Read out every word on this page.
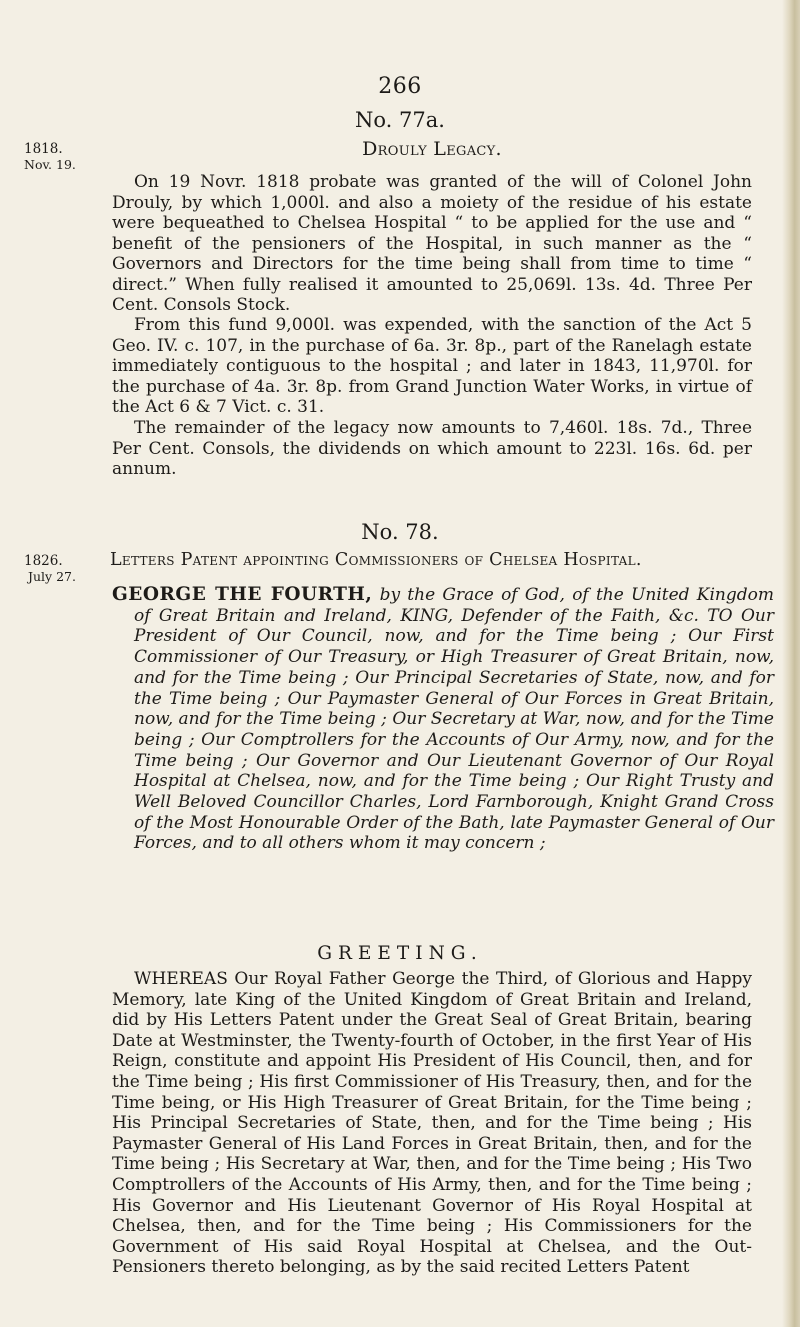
266
No. 77a.
1818.
Nov. 19.
Drouly Legacy.
On 19 Novr. 1818 probate was granted of the will of Colonel John Drouly, by which 1,000l. and also a moiety of the residue of his estate were bequeathed to Chelsea Hospital “ to be applied for the use and “ benefit of the pensioners of the Hospital, in such manner as the “ Governors and Directors for the time being shall from time to time “ direct.” When fully realised it amounted to 25,069l. 13s. 4d. Three Per Cent. Consols Stock.
From this fund 9,000l. was expended, with the sanction of the Act 5 Geo. IV. c. 107, in the purchase of 6a. 3r. 8p., part of the Ranelagh estate immediately contiguous to the hospital ; and later in 1843, 11,970l. for the purchase of 4a. 3r. 8p. from Grand Junction Water Works, in virtue of the Act 6 & 7 Vict. c. 31.
The remainder of the legacy now amounts to 7,460l. 18s. 7d., Three Per Cent. Consols, the dividends on which amount to 223l. 16s. 6d. per annum.
No. 78.
1826.
July 27.
Letters Patent appointing Commissioners of Chelsea Hospital.
GEORGE THE FOURTH, by the Grace of God, of the United Kingdom of Great Britain and Ireland, KING, Defender of the Faith, &c. TO Our President of Our Council, now, and for the Time being ; Our First Commissioner of Our Treasury, or High Treasurer of Great Britain, now, and for the Time being ; Our Principal Secretaries of State, now, and for the Time being ; Our Paymaster General of Our Forces in Great Britain, now, and for the Time being ; Our Secretary at War, now, and for the Time being ; Our Comptrollers for the Accounts of Our Army, now, and for the Time being ; Our Governor and Our Lieutenant Governor of Our Royal Hospital at Chelsea, now, and for the Time being ; Our Right Trusty and Well Beloved Councillor Charles, Lord Farnborough, Knight Grand Cross of the Most Honourable Order of the Bath, late Paymaster General of Our Forces, and to all others whom it may concern ;
GREETING.
WHEREAS Our Royal Father George the Third, of Glorious and Happy Memory, late King of the United Kingdom of Great Britain and Ireland, did by His Letters Patent under the Great Seal of Great Britain, bearing Date at Westminster, the Twenty-fourth of October, in the first Year of His Reign, constitute and appoint His President of His Council, then, and for the Time being ; His first Commissioner of His Treasury, then, and for the Time being, or His High Treasurer of Great Britain, for the Time being ; His Principal Secretaries of State, then, and for the Time being ; His Paymaster General of His Land Forces in Great Britain, then, and for the Time being ; His Secretary at War, then, and for the Time being ; His Two Comptrollers of the Accounts of His Army, then, and for the Time being ; His Governor and His Lieutenant Governor of His Royal Hospital at Chelsea, then, and for the Time being ; His Commissioners for the Government of His said Royal Hospital at Chelsea, and the Out-Pensioners thereto belonging, as by the said recited Letters Patent
